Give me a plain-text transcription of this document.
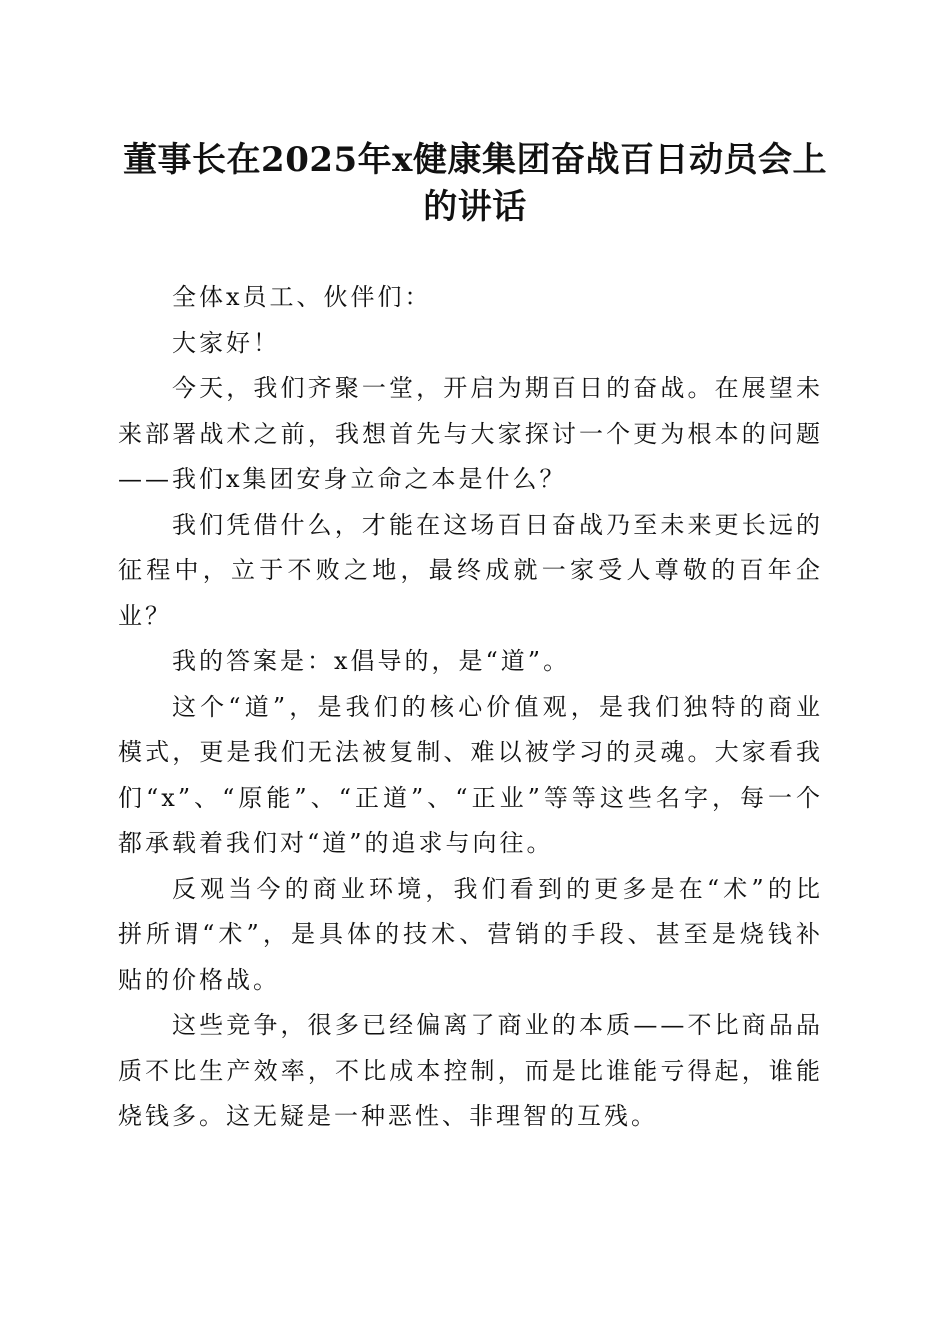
董事长在2025年x健康集团奋战百日动员会上的讲话

全体x员工、伙伴们：

大家好！

今天，我们齐聚一堂，开启为期百日的奋战。在展望未来部署战术之前，我想首先与大家探讨一个更为根本的问题——我们x集团安身立命之本是什么？

我们凭借什么，才能在这场百日奋战乃至未来更长远的征程中，立于不败之地，最终成就一家受人尊敬的百年企业？

我的答案是：x倡导的，是“道”。

这个“道”，是我们的核心价值观，是我们独特的商业模式，更是我们无法被复制、难以被学习的灵魂。大家看我们“x”、“原能”、“正道”、“正业”等等这些名字，每一个都承载着我们对“道”的追求与向往。

反观当今的商业环境，我们看到的更多是在“术”的比拼所谓“术”，是具体的技术、营销的手段、甚至是烧钱补贴的价格战。

这些竞争，很多已经偏离了商业的本质——不比商品品质不比生产效率，不比成本控制，而是比谁能亏得起，谁能烧钱多。这无疑是一种恶性、非理智的互残。
